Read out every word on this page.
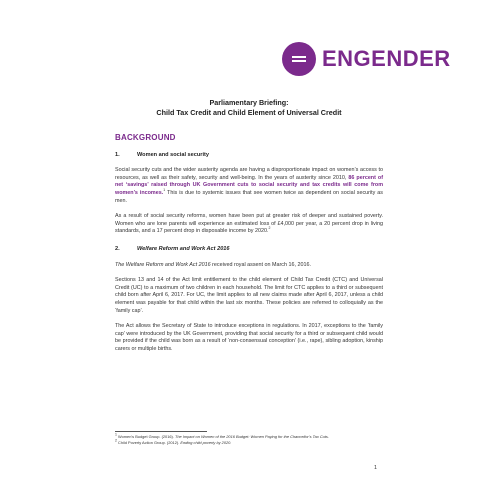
ENGENDER
Parliamentary Briefing:
Child Tax Credit and Child Element of Universal Credit
BACKGROUND
1.	Women and social security

Social security cuts and the wider austerity agenda are having a disproportionate impact on women’s access to resources, as well as their safety, security and well-being. In the years of austerity since 2010, 86 percent of net ‘savings’ raised through UK Government cuts to social security and tax credits will come from women’s incomes.$^1$ This is due to systemic issues that see women twice as dependent on social security as men.

As a result of social security reforms, women have been put at greater risk of deeper and sustained poverty. Women who are lone parents will experience an estimated loss of £4,000 per year, a 20 percent drop in living standards, and a 17 percent drop in disposable income by 2020.$^2$

2.	Welfare Reform and Work Act 2016

The Welfare Reform and Work Act 2016 received royal assent on March 16, 2016.

Sections 13 and 14 of the Act limit entitlement to the child element of Child Tax Credit (CTC) and Universal Credit (UC) to a maximum of two children in each household. The limit for CTC applies to a third or subsequent child born after April 6, 2017. For UC, the limit applies to all new claims made after April 6, 2017, unless a child element was payable for that child within the last six months. These policies are referred to colloquially as the ‘family cap’.

The Act allows the Secretary of State to introduce exceptions in regulations. In 2017, exceptions to the ‘family cap’ were introduced by the UK Government, providing that social security for a third or subsequent child would be provided if the child was born as a result of ‘non-consensual conception’ (i.e., rape), sibling adoption, kinship carers or multiple births.

$^1$ Women’s Budget Group. (2016). The Impact on Women of the 2016 Budget: Women Paying for the Chancellor’s Tax Cuts.
$^2$ Child Poverty Action Group. (2012). Ending child poverty by 2020.
1
